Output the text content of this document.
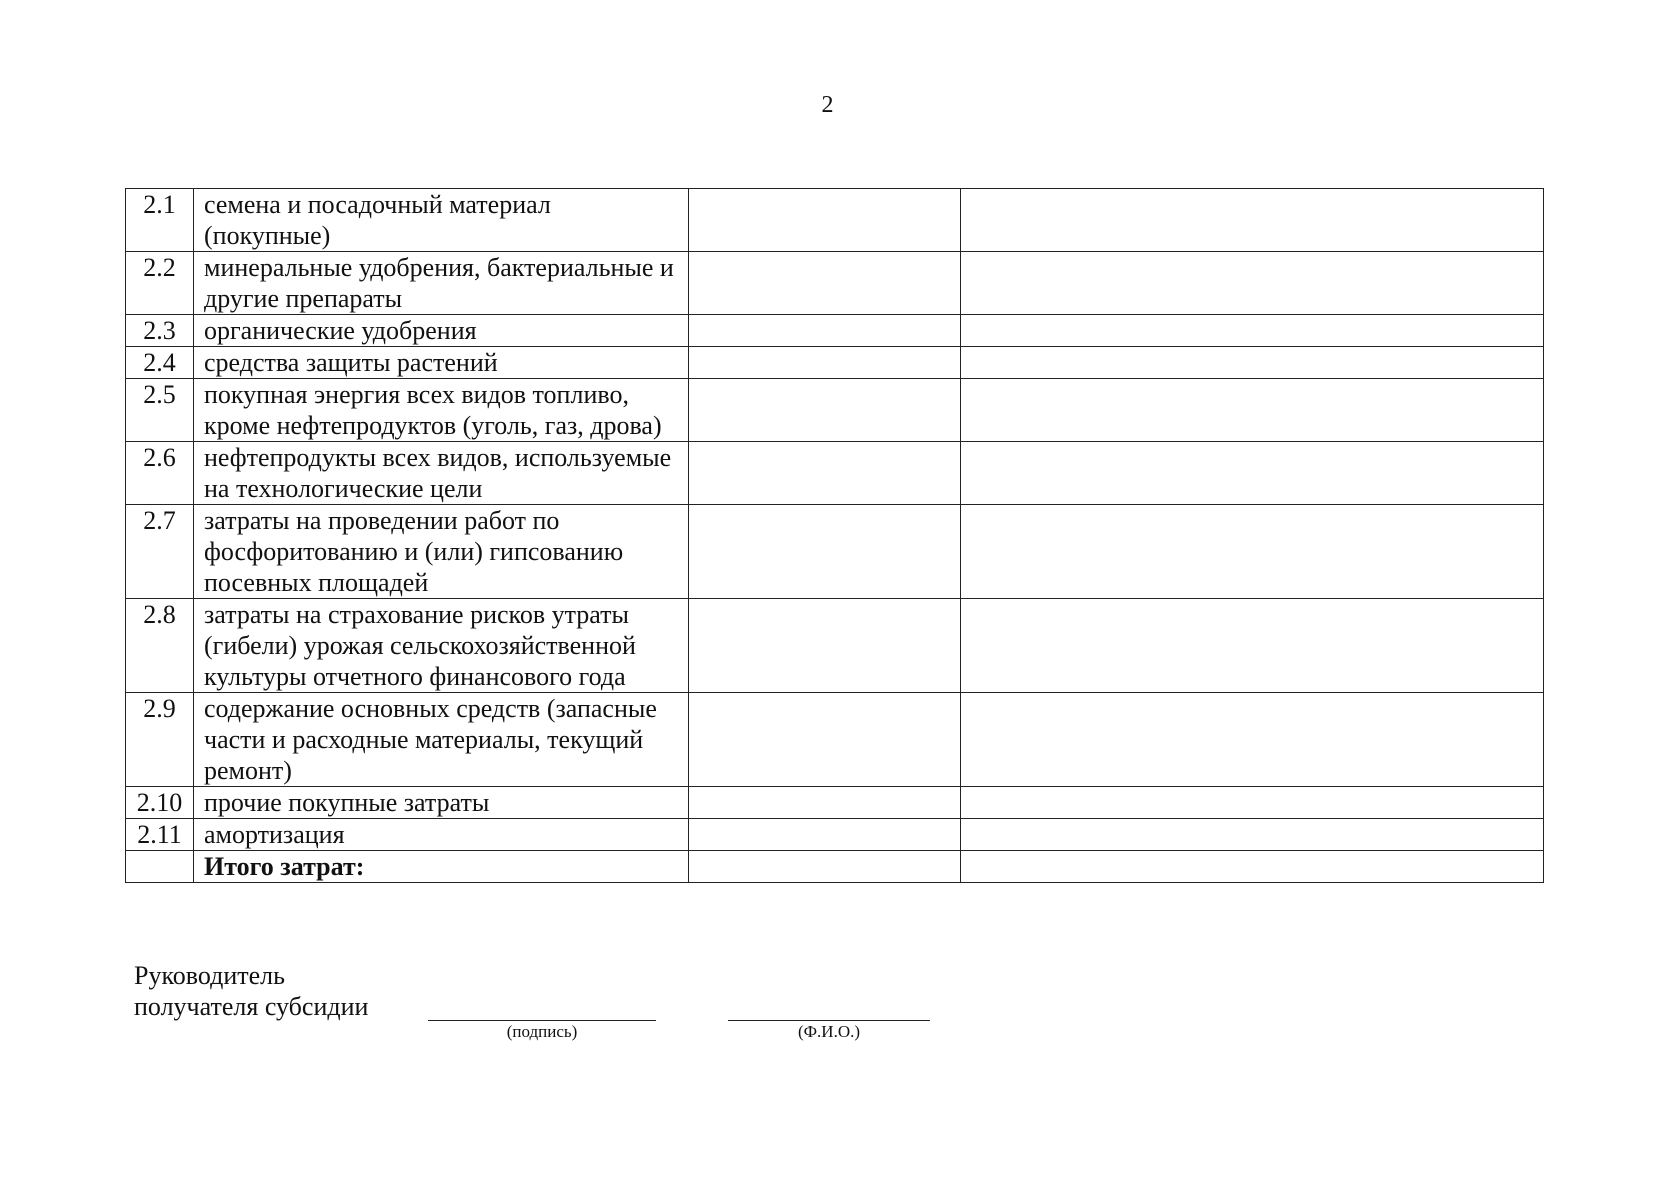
2
2.1	семена и посадочный материал (покупные)		
2.2	минеральные удобрения, бактериальные и другие препараты		
2.3	органические удобрения		
2.4	средства защиты растений		
2.5	покупная энергия всех видов топливо, кроме нефтепродуктов (уголь, газ, дрова)		
2.6	нефтепродукты всех видов, используемые на технологические цели		
2.7	затраты на проведении работ по фосфоритованию и (или) гипсованию посевных площадей		
2.8	затраты на страхование рисков утраты (гибели) урожая сельскохозяйственной культуры отчетного финансового года		
2.9	содержание основных средств (запасные части и расходные материалы, текущий ремонт)		
2.10	прочие покупные затраты		
2.11	амортизация		
	Итого затрат:		
Руководитель
получателя субсидии
(подпись)	(Ф.И.О.)
